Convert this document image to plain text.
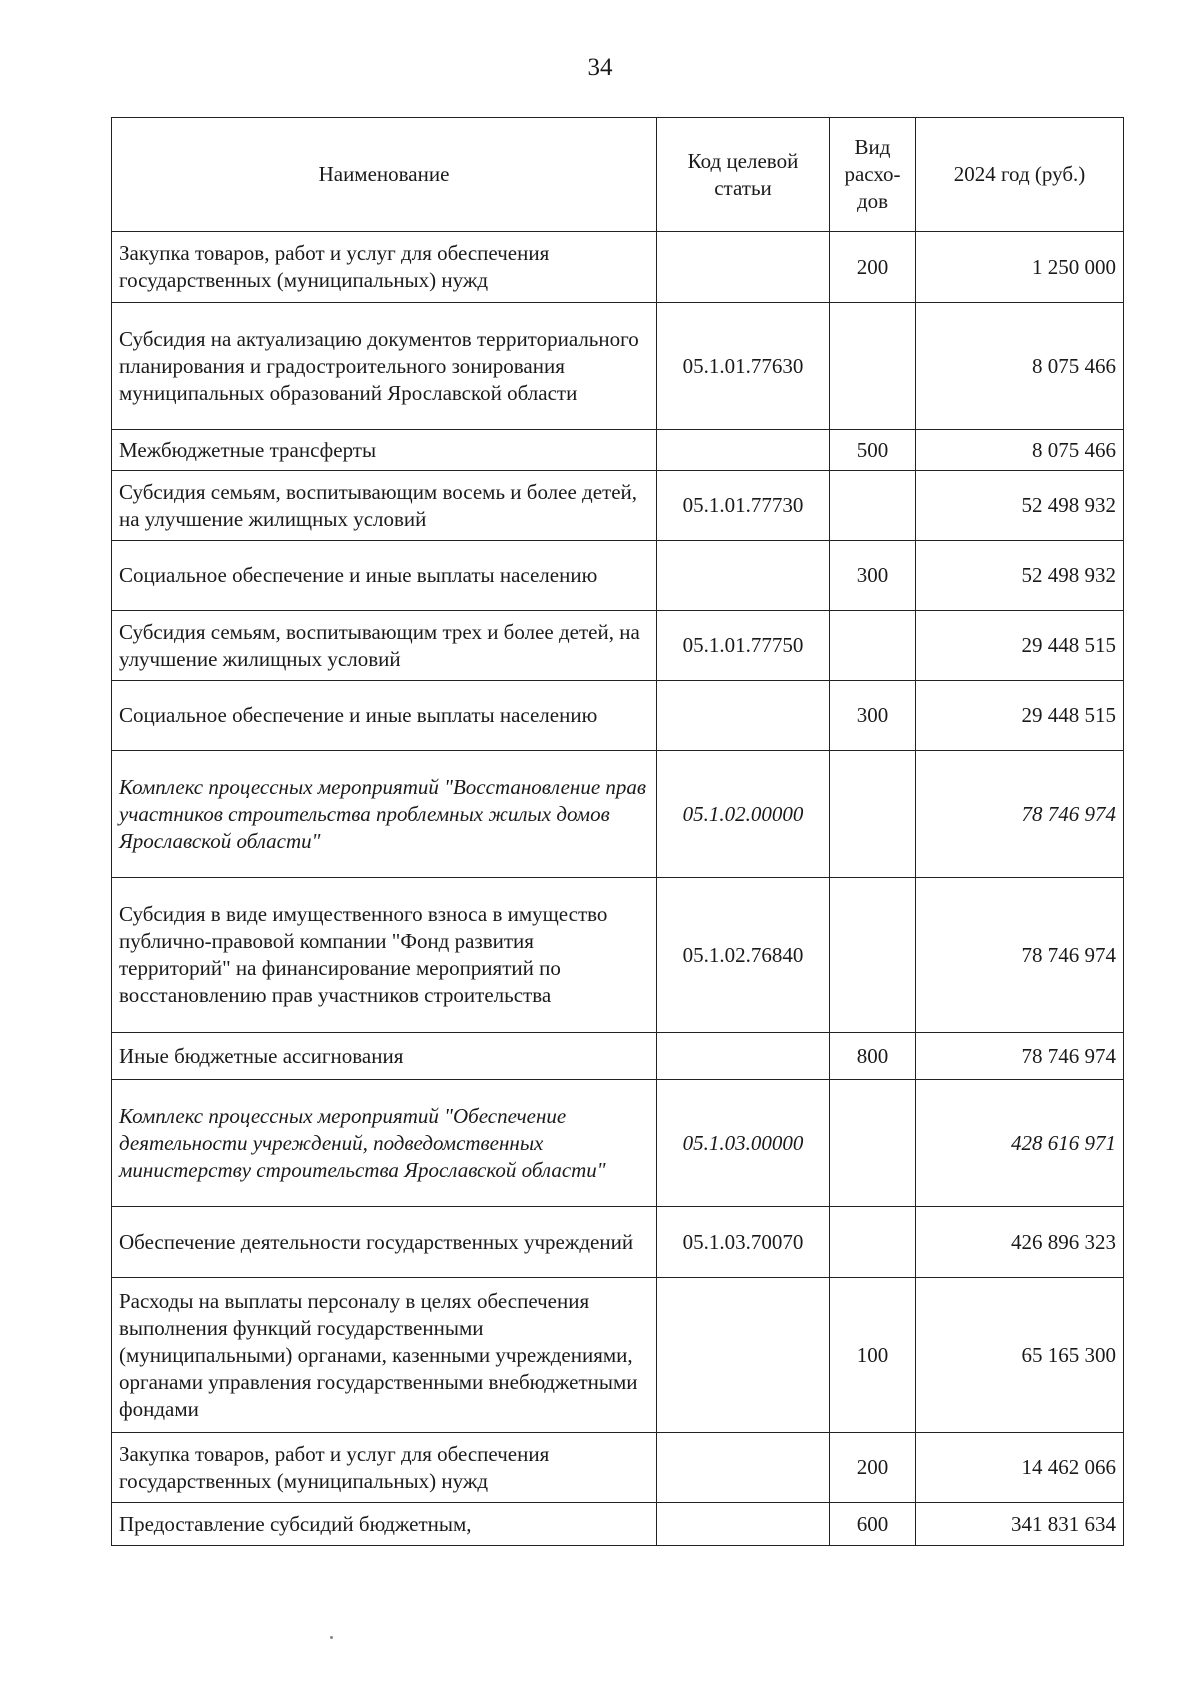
34
Наименование	Код целевой статьи	Вид расхо-дов	2024 год (руб.)
Закупка товаров, работ и услуг для обеспечения государственных (муниципальных) нужд		200	1 250 000
Субсидия на актуализацию документов территориального планирования и градостроительного зонирования муниципальных образований Ярославской области	05.1.01.77630		8 075 466
Межбюджетные трансферты		500	8 075 466
Субсидия семьям, воспитывающим восемь и более детей, на улучшение жилищных условий	05.1.01.77730		52 498 932
Социальное обеспечение и иные выплаты населению		300	52 498 932
Субсидия семьям, воспитывающим трех и более детей, на улучшение жилищных условий	05.1.01.77750		29 448 515
Социальное обеспечение и иные выплаты населению		300	29 448 515
Комплекс процессных мероприятий "Восстановление прав участников строительства проблемных жилых домов Ярославской области"	05.1.02.00000		78 746 974
Субсидия в виде имущественного взноса в имущество публично-правовой компании "Фонд развития территорий" на финансирование мероприятий по восстановлению прав участников строительства	05.1.02.76840		78 746 974
Иные бюджетные ассигнования		800	78 746 974
Комплекс процессных мероприятий "Обеспечение деятельности учреждений, подведомственных министерству строительства Ярославской области"	05.1.03.00000		428 616 971
Обеспечение деятельности государственных учреждений	05.1.03.70070		426 896 323
Расходы на выплаты персоналу в целях обеспечения выполнения функций государственными (муниципальными) органами, казенными учреждениями, органами управления государственными внебюджетными фондами		100	65 165 300
Закупка товаров, работ и услуг для обеспечения государственных (муниципальных) нужд		200	14 462 066
Предоставление субсидий бюджетным,		600	341 831 634
